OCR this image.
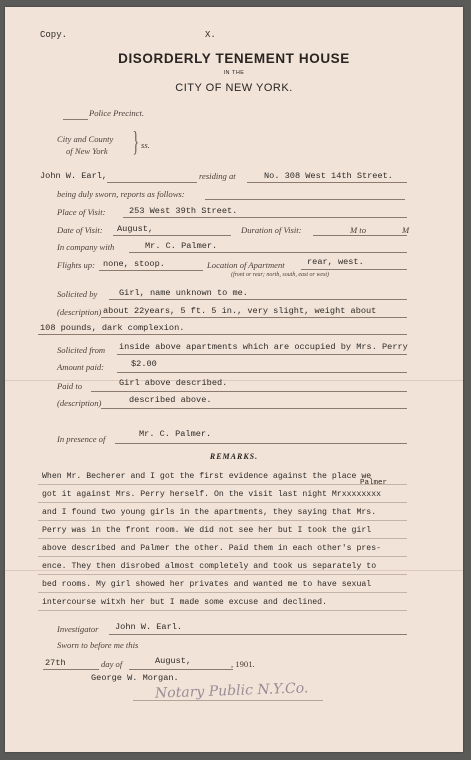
Copy.	X.
DISORDERLY TENEMENT HOUSE
IN THE
CITY OF NEW YORK.
Police Precinct.
City and County
of New York } ss.
John W. Earl,	residing at	No. 308 West 14th Street.
being duly sworn, reports as follows:
Place of Visit:	253 West 39th Street.
Date of Visit: August,	Duration of Visit:	M to	M
In company with	Mr. C. Palmer.
Flights up: none, stoop.	Location of Apartment	rear, west.
(front or rear; north, south, east or west)
Solicited by	Girl, name unknown to me.
(description) about 22years, 5 ft. 5 in., very slight, weight about
108 pounds, dark complexion.
Solicited from inside above apartments which are occupied by Mrs. Perry
Amount paid:	$2.00
Paid to	Girl above described.
(description)	described above.
In presence of	Mr. C. Palmer.
REMARKS.
Palmer
When Mr. Becherer and I got the first evidence against the place we
got it against Mrs. Perry herself. On the visit last night Mrxxxxxxxx
and I found two young girls in the apartments, they saying that Mrs.
Perry was in the front room. We did not see her but I took the girl
above described and Palmer the other. Paid them in each other's pres-
ence. They then disrobed almost completely and took us separately to
bed rooms. My girl showed her privates and wanted me to have sexual
intercourse witxh her but I made some excuse and declined.
Investigator John W. Earl.
Sworn to before me this
27th	day of	August,	, 1901.
George W. Morgan.
Notary Public N.Y.Co.
